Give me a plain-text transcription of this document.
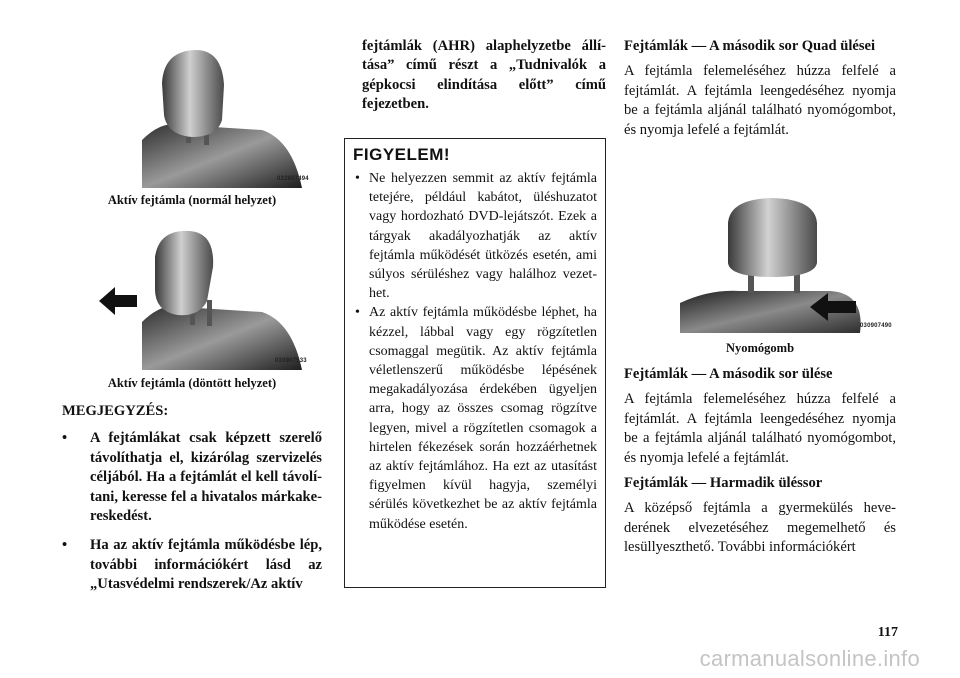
022607494
Aktív fejtámla (normál helyzet)
030907533
Aktív fejtámla (döntött helyzet)

MEGJEGYZÉS:

• A fejtámlákat csak képzett szerelő távolíthatja el, kizárólag szervizelés céljából. Ha a fejtámlát el kell távolítani, keresse fel a hivatalos márkakereskedést.
• Ha az aktív fejtámla működésbe lép, további információkért lásd az „Utasvédelmi rendszerek/Az aktív

fejtámlák (AHR) alaphelyzetbe állítása” című részt a „Tudnivalók a gépkocsi elindítása előtt” című fejezetben.

FIGYELEM!

• Ne helyezzen semmit az aktív fejtámla tetejére, például kabátot, üléshuzatot vagy hordozható DVD-lejátszót. Ezek a tárgyak akadályozhatják az aktív fejtámla működését ütközés esetén, ami súlyos sérüléshez vagy halálhoz vezethet.
• Az aktív fejtámla működésbe léphet, ha kézzel, lábbal vagy egy rögzítetlen csomaggal megütik. Az aktív fejtámla véletlenszerű működésbe lépésének megakadályozása érdekében ügyeljen arra, hogy az összes csomag rögzítve legyen, mivel a rögzítetlen csomagok a hirtelen fékezések során hozzáérhetnek az aktív fejtámlához. Ha ezt az utasítást figyelmen kívül hagyja, személyi sérülés következhet be az aktív fejtámla működése esetén.

Fejtámlák — A második sor Quad ülései

A fejtámla felemeléséhez húzza felfelé a fejtámlát. A fejtámla leengedéséhez nyomja be a fejtámla aljánál található nyomógombot, és nyomja lefelé a fejtámlát.

030907490
Nyomógomb

Fejtámlák — A második sor ülése

A fejtámla felemeléséhez húzza felfelé a fejtámlát. A fejtámla leengedéséhez nyomja be a fejtámla aljánál található nyomógombot, és nyomja lefelé a fejtámlát.

Fejtámlák — Harmadik üléssor

A középső fejtámla a gyermekülés hevederének elvezetéséhez megemelhető és lesüllyeszthető. További információkért

117
carmanualsonline.info
